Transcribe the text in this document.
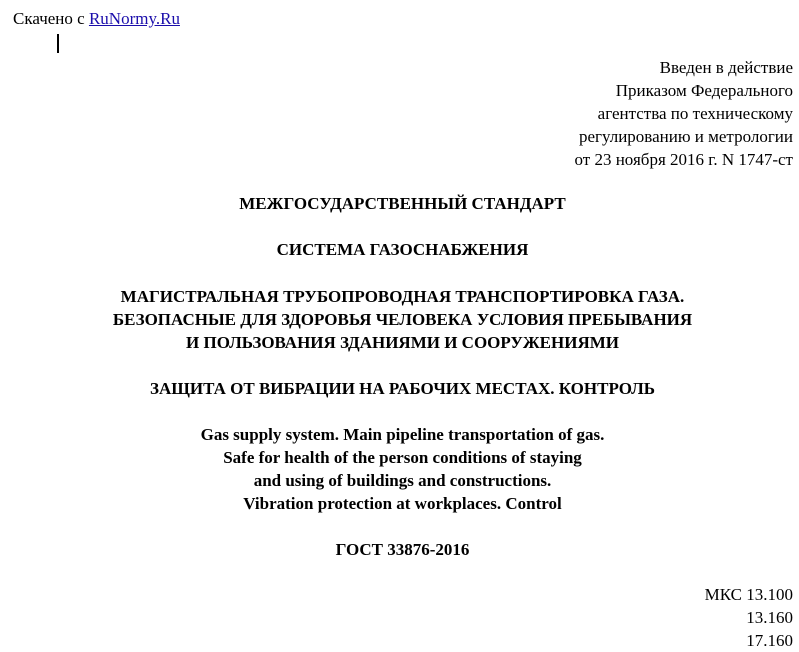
Скачено с RuNormy.Ru
Введен в действие
Приказом Федерального
агентства по техническому
регулированию и метрологии
от 23 ноября 2016 г. N 1747-ст
МЕЖГОСУДАРСТВЕННЫЙ СТАНДАРТ
СИСТЕМА ГАЗОСНАБЖЕНИЯ
МАГИСТРАЛЬНАЯ ТРУБОПРОВОДНАЯ ТРАНСПОРТИРОВКА ГАЗА.
БЕЗОПАСНЫЕ ДЛЯ ЗДОРОВЬЯ ЧЕЛОВЕКА УСЛОВИЯ ПРЕБЫВАНИЯ
И ПОЛЬЗОВАНИЯ ЗДАНИЯМИ И СООРУЖЕНИЯМИ
ЗАЩИТА ОТ ВИБРАЦИИ НА РАБОЧИХ МЕСТАХ. КОНТРОЛЬ
Gas supply system. Main pipeline transportation of gas.
Safe for health of the person conditions of staying
and using of buildings and constructions.
Vibration protection at workplaces. Control
ГОСТ 33876-2016
МКС 13.100
13.160
17.160
